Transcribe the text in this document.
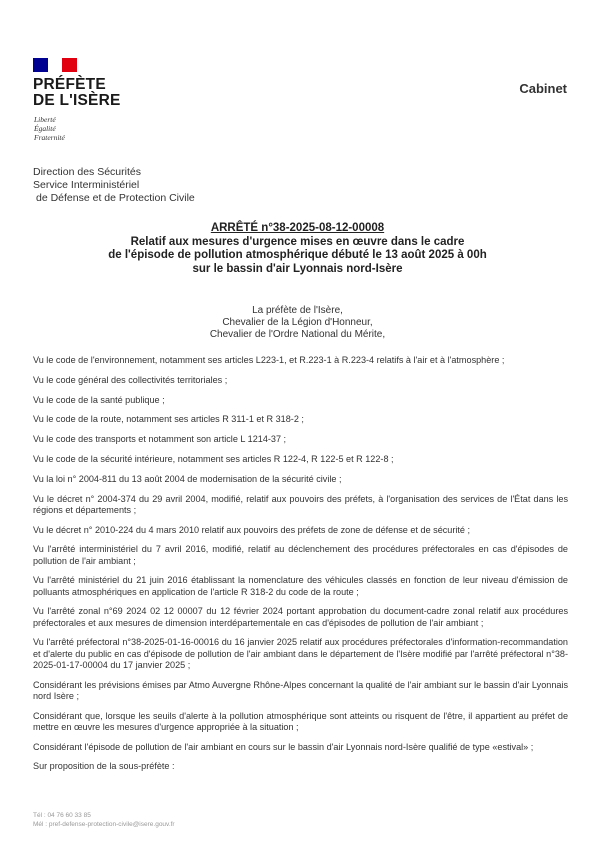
PRÉFÈTE
DE L'ISÈRE
Liberté
Égalité
Fraternité
Cabinet
Direction des Sécurités
Service Interministériel
de Défense et de Protection Civile
ARRÊTÉ n°38-2025-08-12-00008
Relatif aux mesures d'urgence mises en œuvre dans le cadre
de l'épisode de pollution atmosphérique débuté le 13 août 2025 à 00h
sur le bassin d'air Lyonnais nord-Isère
La préfète de l'Isère,
Chevalier de la Légion d'Honneur,
Chevalier de l'Ordre National du Mérite,

Vu le code de l'environnement, notamment ses articles L223-1, et R.223-1 à R.223-4 relatifs à l'air et à l'atmosphère ;

Vu le code général des collectivités territoriales ;

Vu le code de la santé publique ;

Vu le code de la route, notamment ses articles R 311-1 et R 318-2 ;

Vu le code des transports et notamment son article L 1214-37 ;

Vu le code de la sécurité intérieure, notamment ses articles R 122-4, R 122-5 et R 122-8 ;

Vu la loi n° 2004-811 du 13 août 2004 de modernisation de la sécurité civile ;

Vu le décret n° 2004-374 du 29 avril 2004, modifié, relatif aux pouvoirs des préfets, à l'organisation des services de l'État dans les régions et départements ;

Vu le décret n° 2010-224 du 4 mars 2010 relatif aux pouvoirs des préfets de zone de défense et de sécurité ;

Vu l'arrêté interministériel du 7 avril 2016, modifié, relatif au déclenchement des procédures préfectorales en cas d'épisodes de pollution de l'air ambiant ;

Vu l'arrêté ministériel du 21 juin 2016 établissant la nomenclature des véhicules classés en fonction de leur niveau d'émission de polluants atmosphériques en application de l'article R 318-2 du code de la route ;

Vu l'arrêté zonal n°69 2024 02 12 00007 du 12 février 2024 portant approbation du document-cadre zonal relatif aux procédures préfectorales et aux mesures de dimension interdépartementale en cas d'épisodes de pollution de l'air ambiant ;

Vu l'arrêté préfectoral n°38-2025-01-16-00016 du 16 janvier 2025 relatif aux procédures préfectorales d'information-recommandation et d'alerte du public en cas d'épisode de pollution de l'air ambiant dans le département de l'Isère modifié par l'arrêté préfectoral n°38-2025-01-17-00004 du 17 janvier 2025 ;

Considérant les prévisions émises par Atmo Auvergne Rhône-Alpes concernant la qualité de l'air ambiant sur le bassin d'air Lyonnais nord Isère ;

Considérant que, lorsque les seuils d'alerte à la pollution atmosphérique sont atteints ou risquent de l'être, il appartient au préfet de mettre en œuvre les mesures d'urgence appropriée à la situation ;

Considérant l'épisode de pollution de l'air ambiant en cours sur le bassin d'air Lyonnais nord-Isère qualifié de type «estival» ;

Sur proposition de la sous-préfète :

Tél : 04 76 60 33 85
Mél : pref-defense-protection-civile@isere.gouv.fr
